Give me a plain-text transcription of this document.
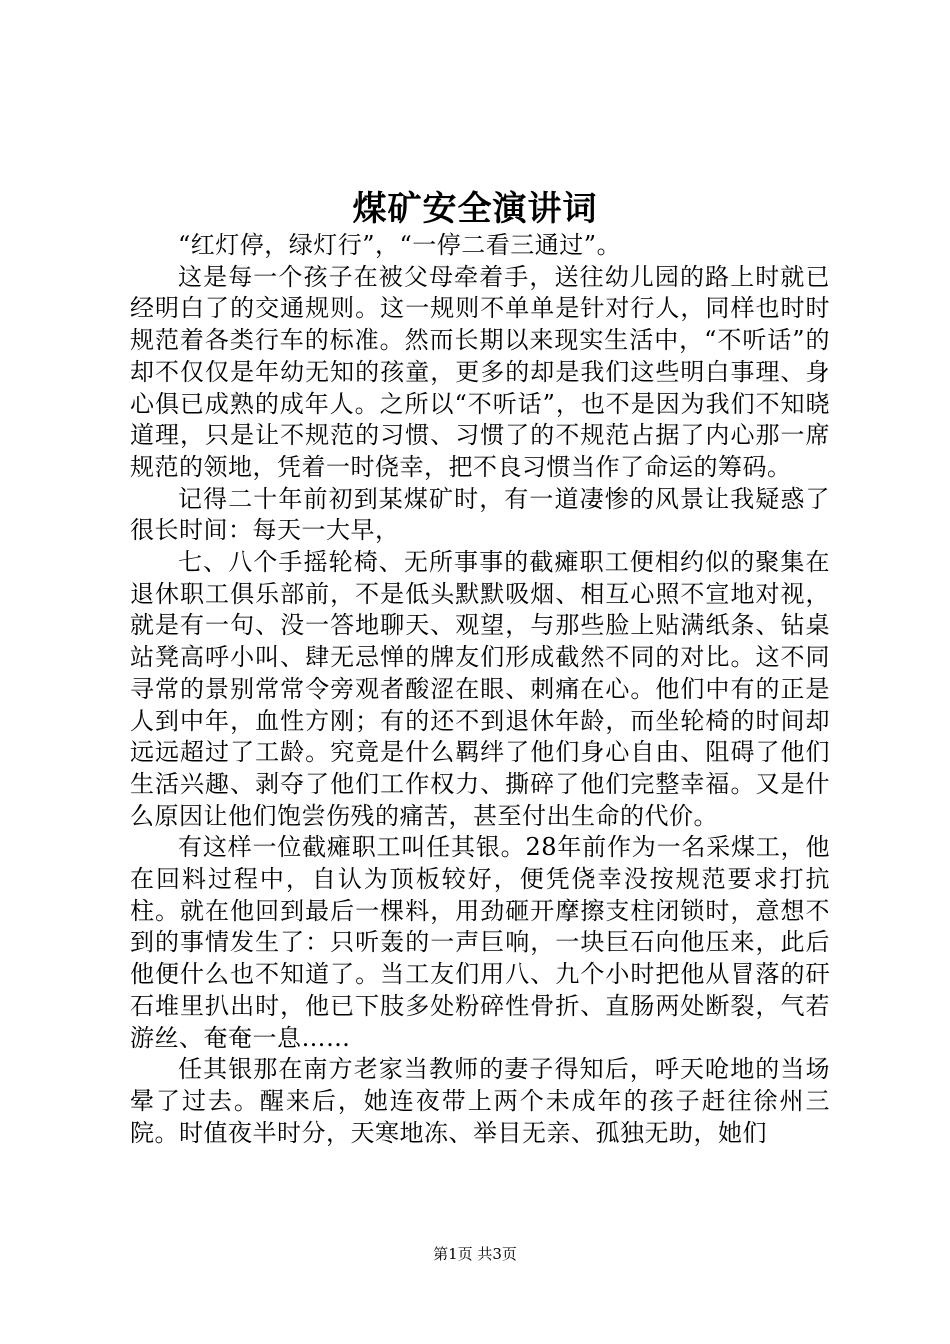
煤矿安全演讲词

“红灯停，绿灯行”，“一停二看三通过”。

这是每一个孩子在被父母牵着手，送往幼儿园的路上时就已经明白了的交通规则。这一规则不单单是针对行人，同样也时时规范着各类行车的标准。然而长期以来现实生活中，“不听话”的却不仅仅是年幼无知的孩童，更多的却是我们这些明白事理、身心俱已成熟的成年人。之所以“不听话”，也不是因为我们不知晓道理，只是让不规范的习惯、习惯了的不规范占据了内心那一席规范的领地，凭着一时侥幸，把不良习惯当作了命运的筹码。

记得二十年前初到某煤矿时，有一道凄惨的风景让我疑惑了很长时间：每天一大早，

七、八个手摇轮椅、无所事事的截瘫职工便相约似的聚集在退休职工俱乐部前，不是低头默默吸烟、相互心照不宣地对视，就是有一句、没一答地聊天、观望，与那些脸上贴满纸条、钻桌站凳高呼小叫、肆无忌惮的牌友们形成截然不同的对比。这不同寻常的景别常常令旁观者酸涩在眼、刺痛在心。他们中有的正是人到中年，血性方刚；有的还不到退休年龄，而坐轮椅的时间却远远超过了工龄。究竟是什么羁绊了他们身心自由、阻碍了他们生活兴趣、剥夺了他们工作权力、撕碎了他们完整幸福。又是什么原因让他们饱尝伤残的痛苦，甚至付出生命的代价。

有这样一位截瘫职工叫任其银。28年前作为一名采煤工，他在回料过程中，自认为顶板较好，便凭侥幸没按规范要求打抗柱。就在他回到最后一棵料，用劲砸开摩擦支柱闭锁时，意想不到的事情发生了：只听轰的一声巨响，一块巨石向他压来，此后他便什么也不知道了。当工友们用八、九个小时把他从冒落的矸石堆里扒出时，他已下肢多处粉碎性骨折、直肠两处断裂，气若游丝、奄奄一息……

任其银那在南方老家当教师的妻子得知后，呼天呛地的当场晕了过去。醒来后，她连夜带上两个未成年的孩子赶往徐州三院。时值夜半时分，天寒地冻、举目无亲、孤独无助，她们

第1页 共3页
